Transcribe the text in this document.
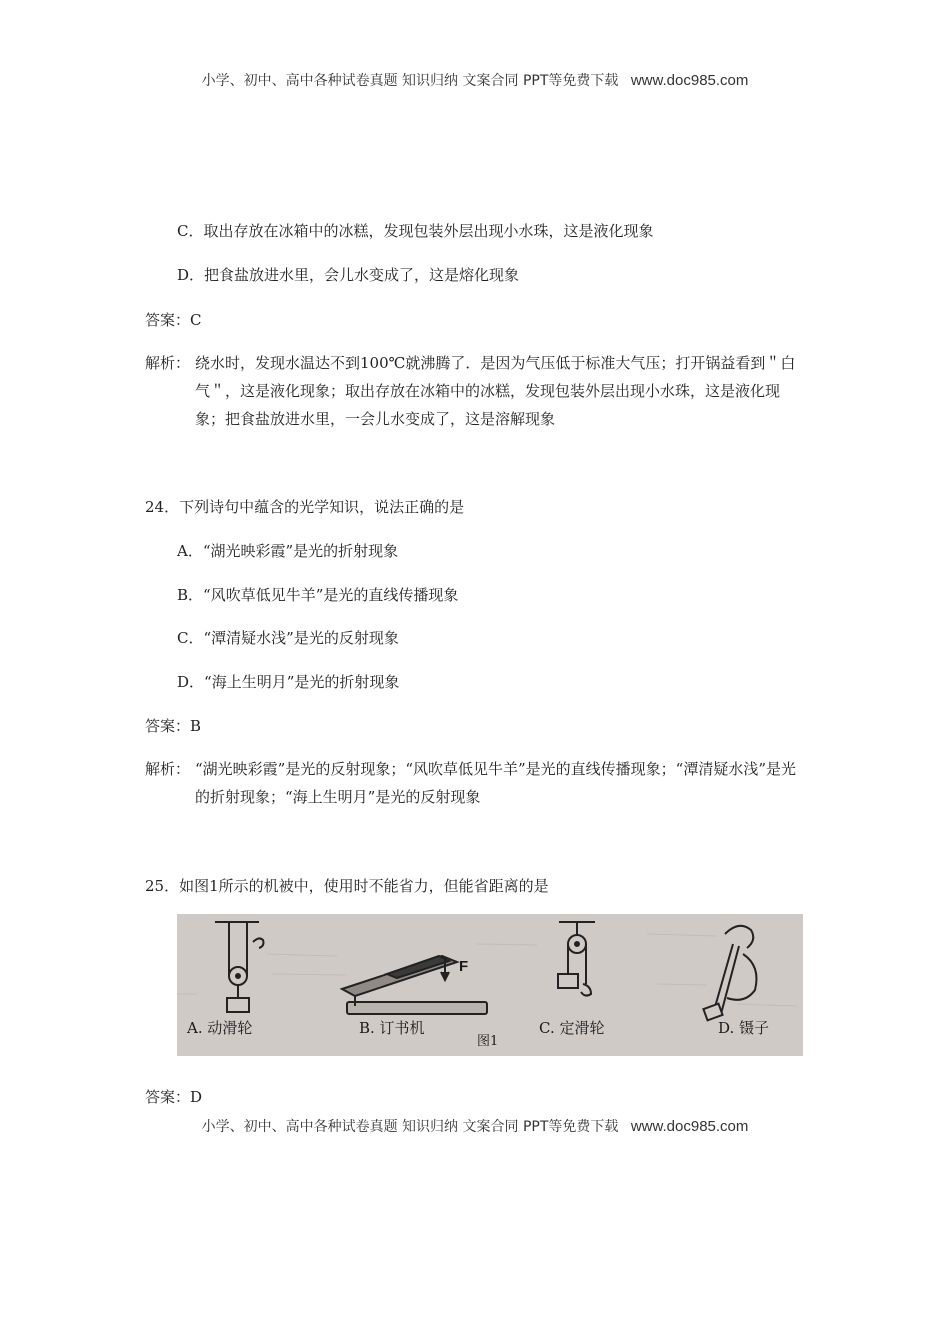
小学、初中、高中各种试卷真题 知识归纳 文案合同 PPT等免费下载 www.doc985.com
C．取出存放在冰箱中的冰糕，发现包装外层出现小水珠，这是液化现象
D．把食盐放进水里，会儿水变成了，这是熔化现象
答案：C
解析： 绕水时，发现水温达不到100℃就沸腾了．是因为气压低于标准大气压；打开锅益看到＂白气＂，这是液化现象；取出存放在冰箱中的冰糕，发现包装外层出现小水珠，这是液化现象；把食盐放进水里，一会儿水变成了，这是溶解现象
24．下列诗句中蕴含的光学知识，说法正确的是
A．“湖光映彩霞”是光的折射现象
B．“风吹草低见牛羊”是光的直线传播现象
C．“潭清疑水浅”是光的反射现象
D．“海上生明月”是光的折射现象
答案：B
解析： “湖光映彩霞”是光的反射现象；“风吹草低见牛羊”是光的直线传播现象；“潭清疑水浅”是光的折射现象；“海上生明月”是光的反射现象
25．如图1所示的机被中，使用时不能省力，但能省距离的是
A. 动滑轮	B. 订书机	C. 定滑轮	D. 镊子
F
图1
答案：D
小学、初中、高中各种试卷真题 知识归纳 文案合同 PPT等免费下载 www.doc985.com
